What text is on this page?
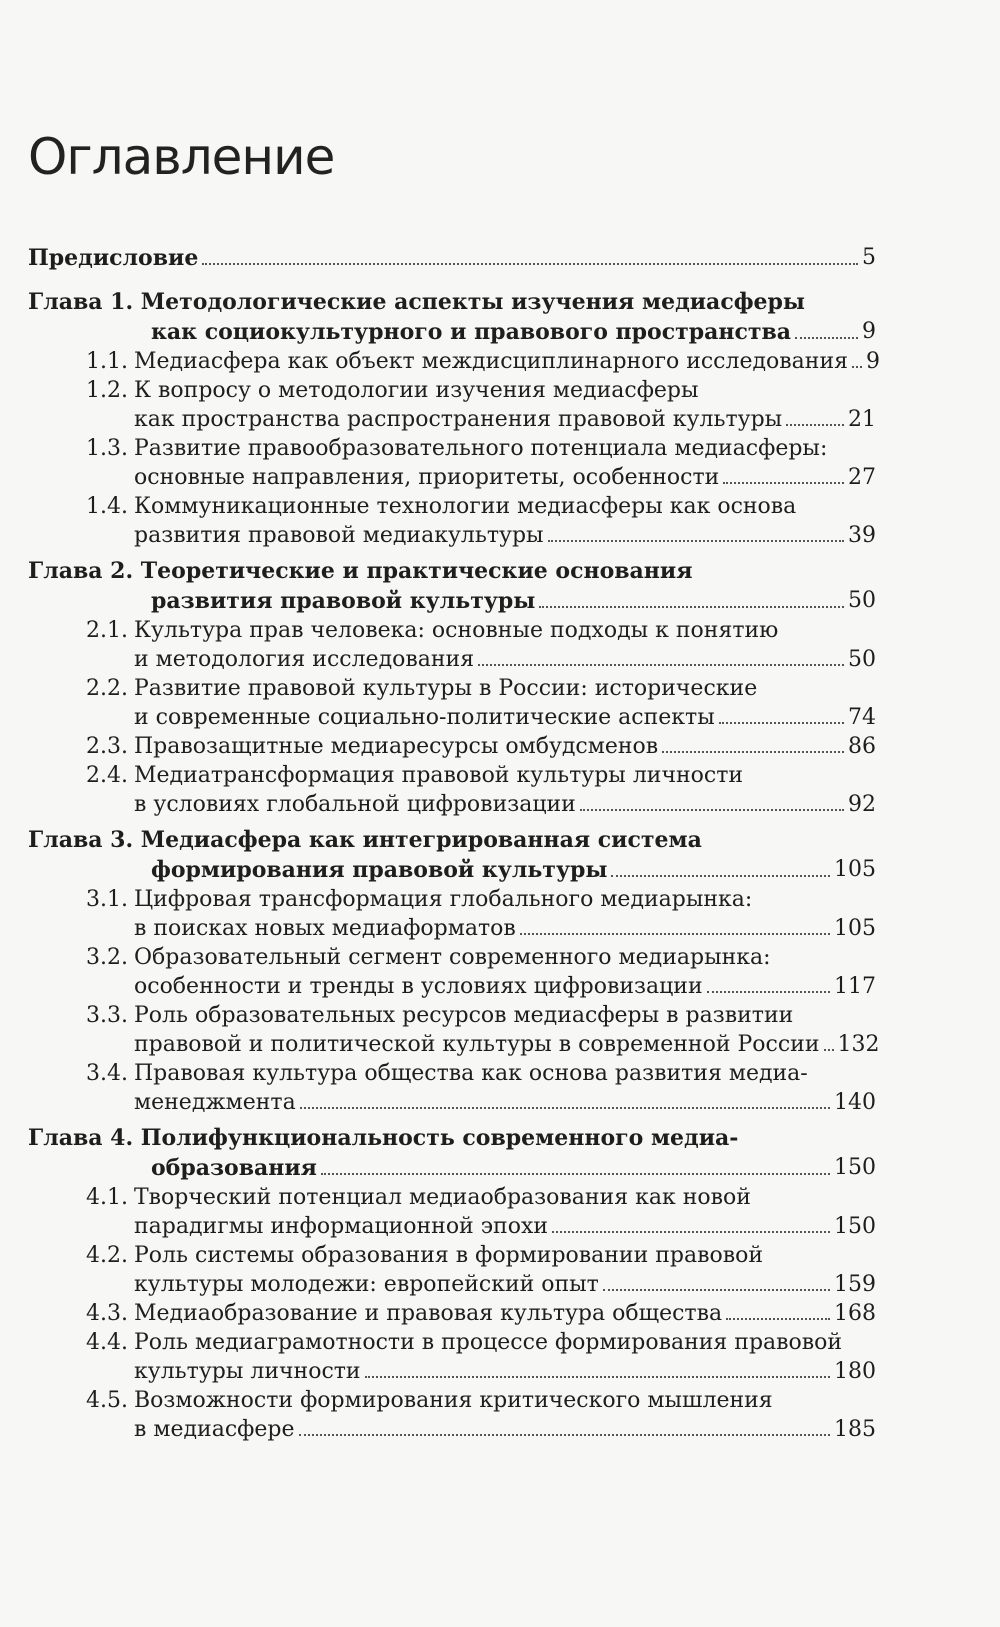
Оглавление
Предисловие	5
Глава 1. Методологические аспекты изучения медиасферы
как социокультурного и правового пространства	9
1.1. Медиасфера как объект междисциплинарного исследования 9
1.2. К вопросу о методологии изучения медиасферы
как пространства распространения правовой культуры	21
1.3. Развитие правообразовательного потенциала медиасферы:
основные направления, приоритеты, особенности	27
1.4. Коммуникационные технологии медиасферы как основа
развития правовой медиакультуры	39
Глава 2. Теоретические и практические основания
развития правовой культуры	50
2.1. Культура прав человека: основные подходы к понятию
и методология исследования	50
2.2. Развитие правовой культуры в России: исторические
и современные социально-политические аспекты	74
2.3. Правозащитные медиаресурсы омбудсменов	86
2.4. Медиатрансформация правовой культуры личности
в условиях глобальной цифровизации	92
Глава 3. Медиасфера как интегрированная система
формирования правовой культуры	105
3.1. Цифровая трансформация глобального медиарынка:
в поисках новых медиаформатов	105
3.2. Образовательный сегмент современного медиарынка:
особенности и тренды в условиях цифровизации	117
3.3. Роль образовательных ресурсов медиасферы в развитии
правовой и политической культуры в современной России 132
3.4. Правовая культура общества как основа развития медиа-
менеджмента	140
Глава 4. Полифункциональность современного медиа-
образования	150
4.1. Творческий потенциал медиаобразования как новой
парадигмы информационной эпохи	150
4.2. Роль системы образования в формировании правовой
культуры молодежи: европейский опыт	159
4.3. Медиаобразование и правовая культура общества	168
4.4. Роль медиаграмотности в процессе формирования правовой
культуры личности	180
4.5. Возможности формирования критического мышления
в медиасфере	185
